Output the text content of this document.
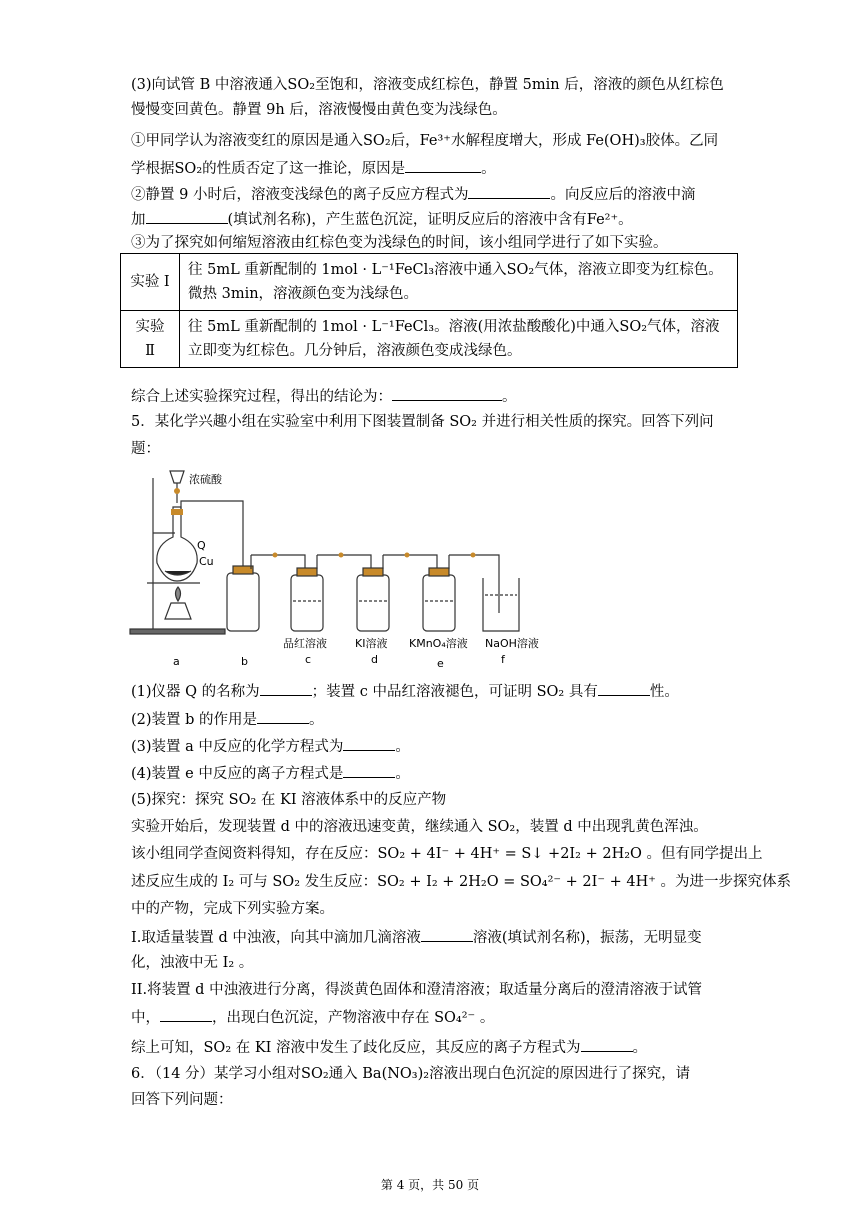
(3)向试管 B 中溶液通入SO₂至饱和，溶液变成红棕色，静置 5min 后，溶液的颜色从红棕色
慢慢变回黄色。静置 9h 后，溶液慢慢由黄色变为浅绿色。
①甲同学认为溶液变红的原因是通入SO₂后，Fe³⁺水解程度增大，形成 Fe(OH)₃胶体。乙同
学根据SO₂的性质否定了这一推论，原因是	。
②静置 9 小时后，溶液变浅绿色的离子反应方程式为	。向反应后的溶液中滴
加	(填试剂名称)，产生蓝色沉淀，证明反应后的溶液中含有Fe²⁺。
③为了探究如何缩短溶液由红棕色变为浅绿色的时间，该小组同学进行了如下实验。
实验 I	往 5mL 重新配制的 1mol · L⁻¹FeCl₃溶液中通入SO₂气体，溶液立即变为红棕色。微热 3min，溶液颜色变为浅绿色。
实验 Ⅱ	往 5mL 重新配制的 1mol · L⁻¹FeCl₃。溶液(用浓盐酸酸化)中通入SO₂气体，溶液立即变为红棕色。几分钟后，溶液颜色变成浅绿色。
综合上述实验探究过程，得出的结论为：	。
5．某化学兴趣小组在实验室中利用下图装置制备 SO₂ 并进行相关性质的探究。回答下列问
题：
浓硫酸
Q
Cu
品红溶液	KI溶液 KMnO₄溶液 NaOH溶液
a	b	c	d	e	f
(1)仪器 Q 的名称为	；装置 c 中品红溶液褪色，可证明 SO₂ 具有	性。
(2)装置 b 的作用是	。
(3)装置 a 中反应的化学方程式为	。
(4)装置 e 中反应的离子方程式是	。
(5)探究：探究 SO₂ 在 KI 溶液体系中的反应产物
实验开始后，发现装置 d 中的溶液迅速变黄，继续通入 SO₂，装置 d 中出现乳黄色浑浊。
该小组同学查阅资料得知，存在反应：SO₂ + 4I⁻ + 4H⁺ = S↓ +2I₂ + 2H₂O 。但有同学提出上
述反应生成的 I₂ 可与 SO₂ 发生反应：SO₂ + I₂ + 2H₂O = SO₄²⁻ + 2I⁻ + 4H⁺ 。为进一步探究体系
中的产物，完成下列实验方案。
I.取适量装置 d 中浊液，向其中滴加几滴溶液	溶液(填试剂名称)，振荡，无明显变
化，浊液中无 I₂ 。
II.将装置 d 中浊液进行分离，得淡黄色固体和澄清溶液；取适量分离后的澄清溶液于试管
中，	，出现白色沉淀，产物溶液中存在 SO₄²⁻ 。
综上可知，SO₂ 在 KI 溶液中发生了歧化反应，其反应的离子方程式为	。
6．（14 分）某学习小组对SO₂通入 Ba(NO₃)₂溶液出现白色沉淀的原因进行了探究，请
回答下列问题：
第 4 页，共 50 页
